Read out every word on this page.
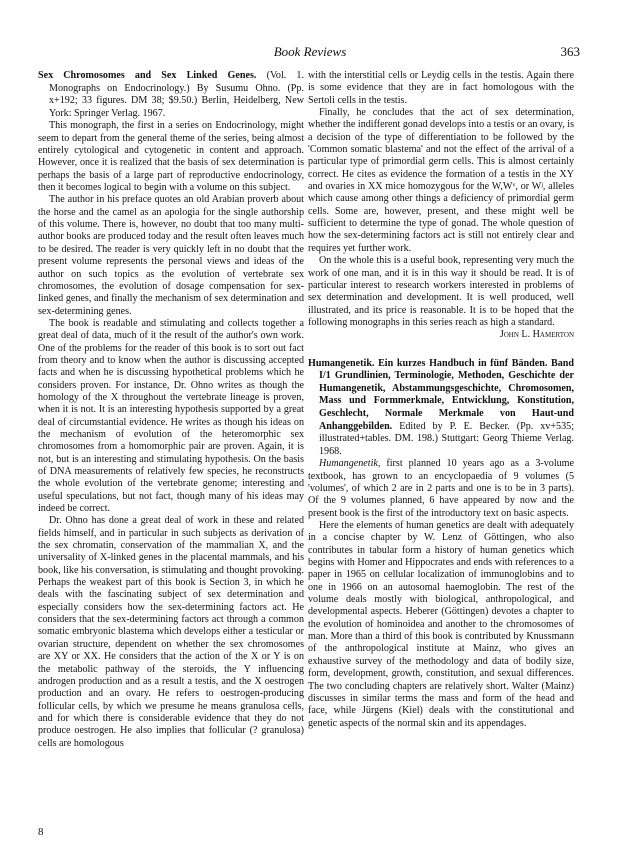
Book Reviews	363

Sex Chromosomes and Sex Linked Genes. (Vol. 1. Monographs on Endocrinology.) By Susumu Ohno. (Pp. x+192; 33 figures. DM 38; $9.50.) Berlin, Heidelberg, New York: Springer Verlag. 1967.

This monograph, the first in a series on Endocrinology, might seem to depart from the general theme of the series, being almost entirely cytological and cytogenetic in content and approach. However, once it is realized that the basis of sex determination is perhaps the basis of a large part of reproductive endocrinology, then it becomes logical to begin with a volume on this subject.

The author in his preface quotes an old Arabian proverb about the horse and the camel as an apologia for the single authorship of this volume. There is, however, no doubt that too many multi-author books are produced today and the result often leaves much to be desired. The reader is very quickly left in no doubt that the present volume represents the personal views and ideas of the author on such topics as the evolution of vertebrate sex chromosomes, the evolution of dosage compensation for sex-linked genes, and finally the mechanism of sex determination and sex-determining genes.

The book is readable and stimulating and collects together a great deal of data, much of it the result of the author's own work. One of the problems for the reader of this book is to sort out fact from theory and to know when the author is discussing accepted facts and when he is discussing hypothetical problems which he considers proven. For instance, Dr. Ohno writes as though the homology of the X throughout the vertebrate lineage is proven, when it is not. It is an interesting hypothesis supported by a great deal of circumstantial evidence. He writes as though his ideas on the mechanism of evolution of the heteromorphic sex chromosomes from a homomorphic pair are proven. Again, it is not, but is an interesting and stimulating hypothesis. On the basis of DNA measurements of relatively few species, he reconstructs the whole evolution of the vertebrate genome; interesting and useful speculations, but not fact, though many of his ideas may indeed be correct.

Dr. Ohno has done a great deal of work in these and related fields himself, and in particular in such subjects as derivation of the sex chromatin, conservation of the mammalian X, and the universality of X-linked genes in the placental mammals, and his book, like his conversation, is stimulating and thought provoking. Perhaps the weakest part of this book is Section 3, in which he deals with the fascinating subject of sex determination and especially considers how the sex-determining factors act. He considers that the sex-determining factors act through a common somatic embryonic blastema which develops either a testicular or ovarian structure, dependent on whether the sex chromosomes are XY or XX. He considers that the action of the X or Y is on the metabolic pathway of the steroids, the Y influencing androgen production and as a result a testis, and the X oestrogen production and an ovary. He refers to oestrogen-producing follicular cells, by which we presume he means granulosa cells, and for which there is considerable evidence that they do not produce oestrogen. He also implies that follicular (? granulosa) cells are homologous

with the interstitial cells or Leydig cells in the testis. Again there is some evidence that they are in fact homologous with the Sertoli cells in the testis.

Finally, he concludes that the act of sex determination, whether the indifferent gonad develops into a testis or an ovary, is a decision of the type of differentiation to be followed by the 'Common somatic blastema' and not the effect of the arrival of a particular type of primordial germ cells. This is almost certainly correct. He cites as evidence the formation of a testis in the XY and ovaries in XX mice homozygous for the W,Wᵛ, or Wʲ, alleles which cause among other things a deficiency of primordial germ cells. Some are, however, present, and these might well be sufficient to determine the type of gonad. The whole question of how the sex-determining factors act is still not entirely clear and requires yet further work.

On the whole this is a useful book, representing very much the work of one man, and it is in this way it should be read. It is of particular interest to research workers interested in problems of sex determination and development. It is well produced, well illustrated, and its price is reasonable. It is to be hoped that the following monographs in this series reach as high a standard.

John L. Hamerton

Humangenetik. Ein kurzes Handbuch in fünf Bänden. Band I/1 Grundlinien, Terminologie, Methoden, Geschichte der Humangenetik, Abstammungsgeschichte, Chromosomen, Mass und Formmerkmale, Entwicklung, Konstitution, Geschlecht, Normale Merkmale von Haut-und Anhanggebilden. Edited by P. E. Becker. (Pp. xv+535; illustrated+tables. DM. 198.) Stuttgart: Georg Thieme Verlag. 1968.

Humangenetik, first planned 10 years ago as a 3-volume textbook, has grown to an encyclopaedia of 9 volumes (5 'volumes', of which 2 are in 2 parts and one is to be in 3 parts). Of the 9 volumes planned, 6 have appeared by now and the present book is the first of the introductory text on basic aspects.

Here the elements of human genetics are dealt with adequately in a concise chapter by W. Lenz of Göttingen, who also contributes in tabular form a history of human genetics which begins with Homer and Hippocrates and ends with references to a paper in 1965 on cellular localization of immunoglobins and to one in 1966 on an autosomal haemoglobin. The rest of the volume deals mostly with biological, anthropological, and developmental aspects. Heberer (Göttingen) devotes a chapter to the evolution of hominoidea and another to the chromosomes of man. More than a third of this book is contributed by Knussmann of the anthropological institute at Mainz, who gives an exhaustive survey of the methodology and data of bodily size, form, development, growth, constitution, and sexual differences. The two concluding chapters are relatively short. Walter (Mainz) discusses in similar terms the mass and form of the head and face, while Jürgens (Kiel) deals with the constitutional and genetic aspects of the normal skin and its appendages.

8
